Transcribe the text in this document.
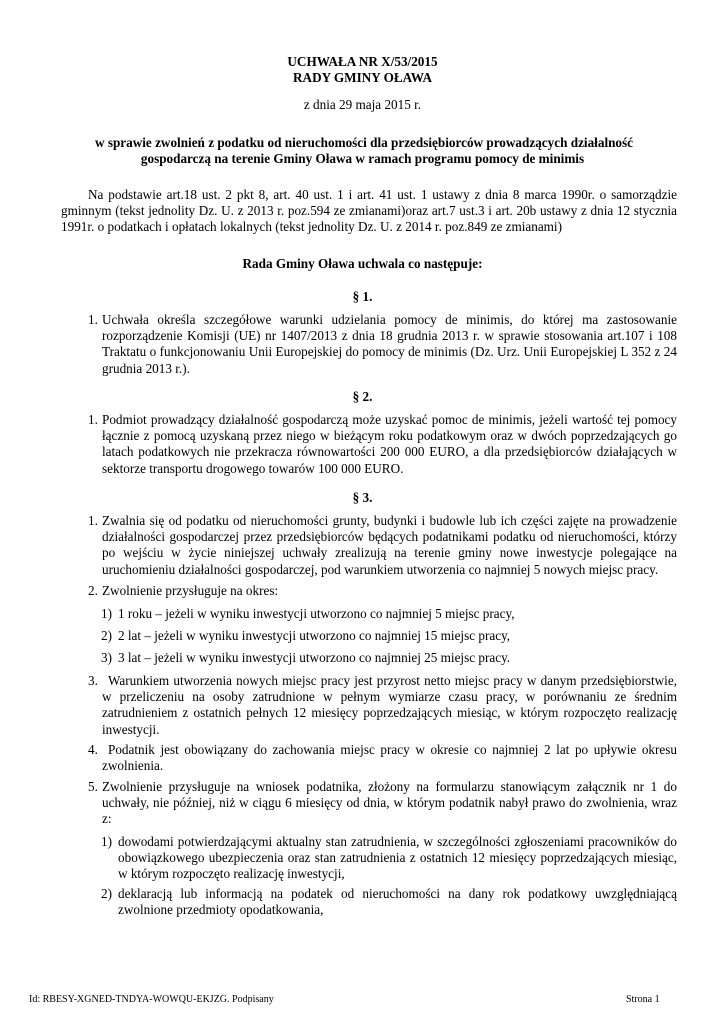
UCHWAŁA NR X/53/2015
RADY GMINY OŁAWA
z dnia 29 maja 2015 r.
w sprawie zwolnień z podatku od nieruchomości dla przedsiębiorców prowadzących działalność
gospodarczą na terenie Gminy Oława w ramach programu pomocy de minimis
Na podstawie art.18 ust. 2 pkt 8, art. 40 ust. 1 i art. 41 ust. 1 ustawy z dnia 8 marca 1990r. o samorządzie gminnym (tekst jednolity Dz. U. z 2013 r. poz.594 ze zmianami)oraz art.7 ust.3 i art. 20b ustawy z dnia 12 stycznia 1991r. o podatkach i opłatach lokalnych (tekst jednolity Dz. U. z 2014 r. poz.849 ze zmianami)
Rada Gminy Oława uchwala co następuje:
§ 1.
1. Uchwała określa szczegółowe warunki udzielania pomocy de minimis, do której ma zastosowanie rozporządzenie Komisji (UE) nr 1407/2013 z dnia 18 grudnia 2013 r. w sprawie stosowania art.107 i 108 Traktatu o funkcjonowaniu Unii Europejskiej do pomocy de minimis (Dz. Urz. Unii Europejskiej L 352 z 24 grudnia 2013 r.).
§ 2.
1. Podmiot prowadzący działalność gospodarczą może uzyskać pomoc de minimis, jeżeli wartość tej pomocy łącznie z pomocą uzyskaną przez niego w bieżącym roku podatkowym oraz w dwóch poprzedzających go latach podatkowych nie przekracza równowartości 200 000 EURO, a dla przedsiębiorców działających w sektorze transportu drogowego towarów 100 000 EURO.
§ 3.
1. Zwalnia się od podatku od nieruchomości grunty, budynki i budowle lub ich części zajęte na prowadzenie działalności gospodarczej przez przedsiębiorców będących podatnikami podatku od nieruchomości, którzy po wejściu w życie niniejszej uchwały zrealizują na terenie gminy nowe inwestycje polegające na uruchomieniu działalności gospodarczej, pod warunkiem utworzenia co najmniej 5 nowych miejsc pracy.
2. Zwolnienie przysługuje na okres:
1) 1 roku – jeżeli w wyniku inwestycji utworzono co najmniej 5 miejsc pracy,
2) 2 lat – jeżeli w wyniku inwestycji utworzono co najmniej 15 miejsc pracy,
3) 3 lat – jeżeli w wyniku inwestycji utworzono co najmniej 25 miejsc pracy.
3. Warunkiem utworzenia nowych miejsc pracy jest przyrost netto miejsc pracy w danym przedsiębiorstwie, w przeliczeniu na osoby zatrudnione w pełnym wymiarze czasu pracy, w porównaniu ze średnim zatrudnieniem z ostatnich pełnych 12 miesięcy poprzedzających miesiąc, w którym rozpoczęto realizację inwestycji.
4. Podatnik jest obowiązany do zachowania miejsc pracy w okresie co najmniej 2 lat po upływie okresu zwolnienia.
5. Zwolnienie przysługuje na wniosek podatnika, złożony na formularzu stanowiącym załącznik nr 1 do uchwały, nie później, niż w ciągu 6 miesięcy od dnia, w którym podatnik nabył prawo do zwolnienia, wraz z:
1) dowodami potwierdzającymi aktualny stan zatrudnienia, w szczególności zgłoszeniami pracowników do obowiązkowego ubezpieczenia oraz stan zatrudnienia z ostatnich 12 miesięcy poprzedzających miesiąc, w którym rozpoczęto realizację inwestycji,
2) deklaracją lub informacją na podatek od nieruchomości na dany rok podatkowy uwzględniającą zwolnione przedmioty opodatkowania,
Id: RBESY-XGNED-TNDYA-WOWQU-EKJZG. Podpisany	Strona 1
